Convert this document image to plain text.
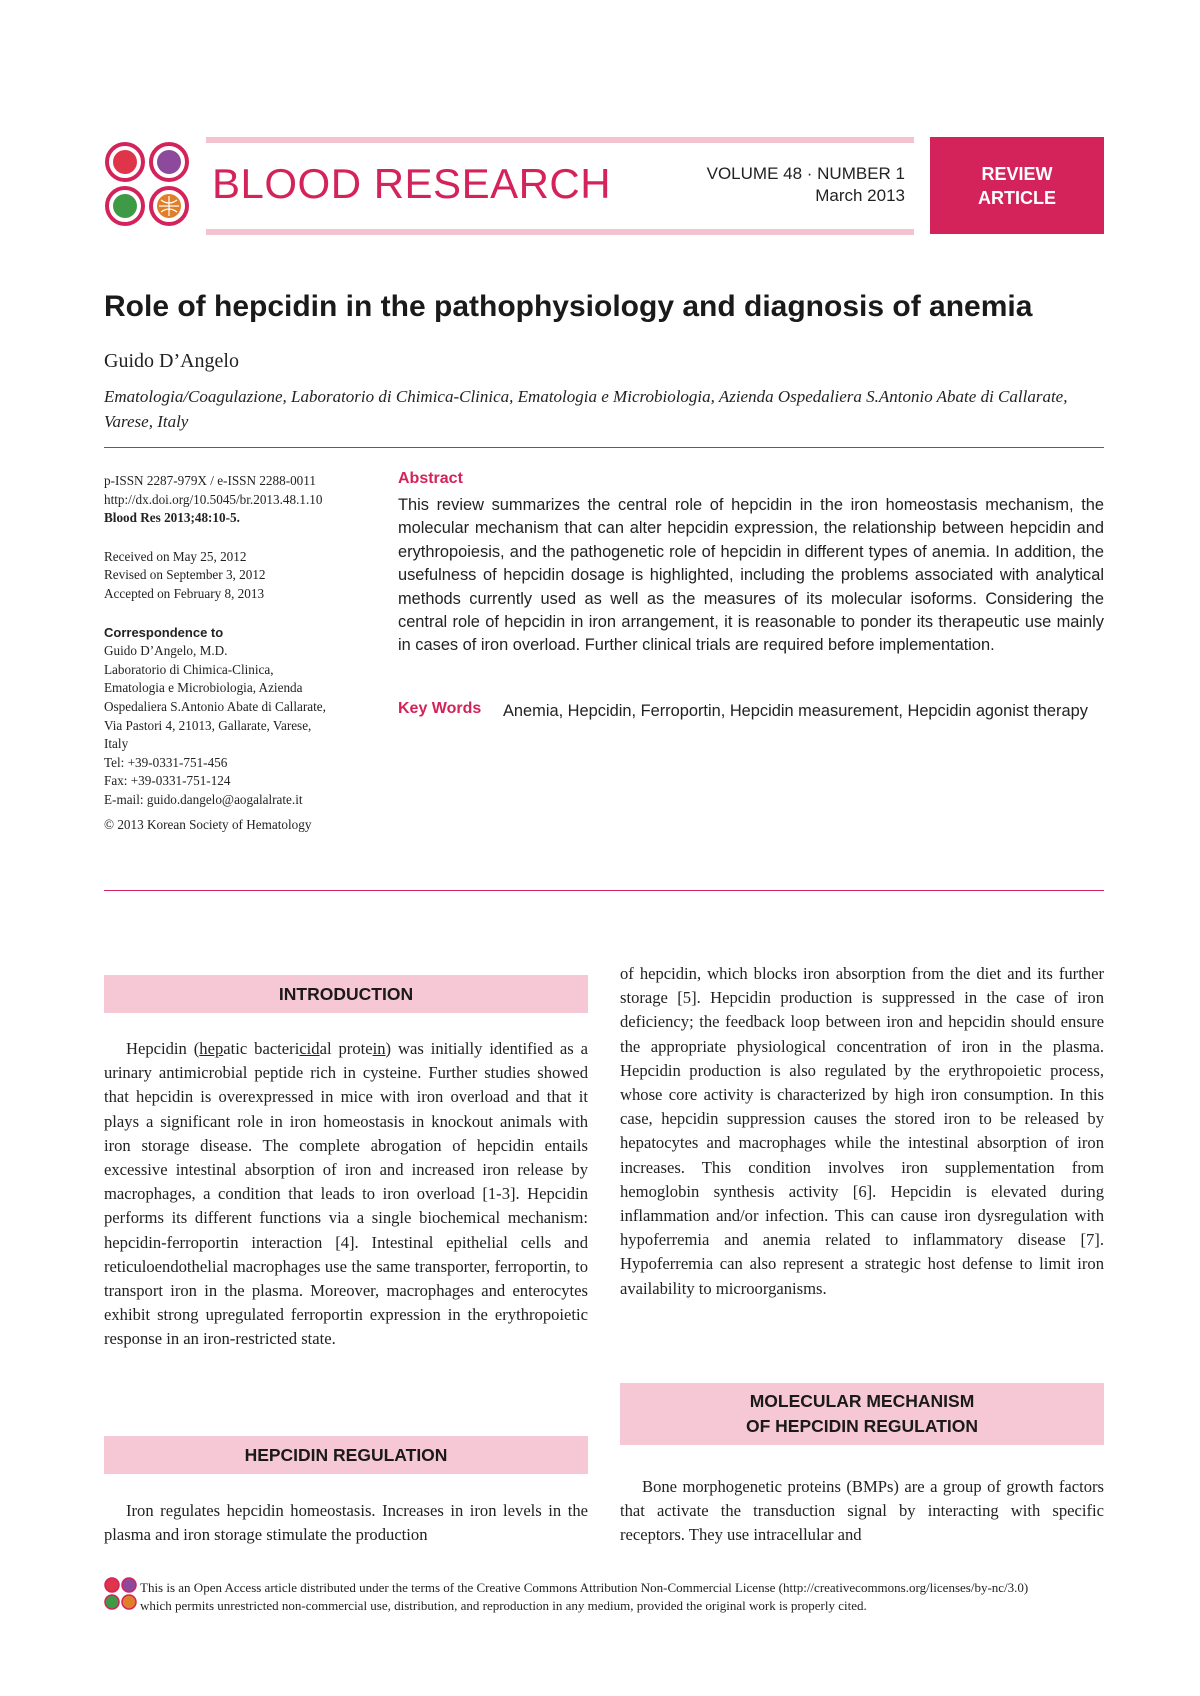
BLOOD RESEARCH	VOLUME 48 · NUMBER 1
March 2013
REVIEW
ARTICLE
Role of hepcidin in the pathophysiology and diagnosis of anemia
Guido D’Angelo
Ematologia/Coagulazione, Laboratorio di Chimica-Clinica, Ematologia e Microbiologia, Azienda Ospedaliera S.Antonio Abate di Callarate, Varese, Italy

p-ISSN 2287-979X / e-ISSN 2288-0011

http://dx.doi.org/10.5045/br.2013.48.1.10

Blood Res 2013;48:10-5.

Received on May 25, 2012

Revised on September 3, 2012

Accepted on February 8, 2013

Correspondence to

Guido D’Angelo, M.D.

Laboratorio di Chimica-Clinica,

Ematologia e Microbiologia, Azienda

Ospedaliera S.Antonio Abate di Callarate,

Via Pastori 4, 21013, Gallarate, Varese,

Italy

Tel: +39-0331-751-456

Fax: +39-0331-751-124

E-mail: guido.dangelo@aogalalrate.it

© 2013 Korean Society of Hematology

Abstract
This review summarizes the central role of hepcidin in the iron homeostasis mechanism, the molecular mechanism that can alter hepcidin expression, the relationship between hepcidin and erythropoiesis, and the pathogenetic role of hepcidin in different types of anemia. In addition, the usefulness of hepcidin dosage is highlighted, including the problems associated with analytical methods currently used as well as the measures of its molecular isoforms. Considering the central role of hepcidin in iron arrangement, it is reasonable to ponder its therapeutic use mainly in cases of iron overload. Further clinical trials are required before implementation.
Key Words Anemia, Hepcidin, Ferroportin, Hepcidin measurement, Hepcidin agonist therapy
INTRODUCTION

Hepcidin (hepatic bactericidal protein) was initially identified as a urinary antimicrobial peptide rich in cysteine. Further studies showed that hepcidin is overexpressed in mice with iron overload and that it plays a significant role in iron homeostasis in knockout animals with iron storage disease. The complete abrogation of hepcidin entails excessive intestinal absorption of iron and increased iron release by macrophages, a condition that leads to iron overload [1-3]. Hepcidin performs its different functions via a single biochemical mechanism: hepcidin-ferroportin interaction [4]. Intestinal epithelial cells and reticuloendothelial macrophages use the same transporter, ferroportin, to transport iron in the plasma. Moreover, macrophages and enterocytes exhibit strong upregulated ferroportin expression in the erythropoietic response in an iron-restricted state.

HEPCIDIN REGULATION

Iron regulates hepcidin homeostasis. Increases in iron levels in the plasma and iron storage stimulate the production

of hepcidin, which blocks iron absorption from the diet and its further storage [5]. Hepcidin production is suppressed in the case of iron deficiency; the feedback loop between iron and hepcidin should ensure the appropriate physiological concentration of iron in the plasma. Hepcidin production is also regulated by the erythropoietic process, whose core activity is characterized by high iron consumption. In this case, hepcidin suppression causes the stored iron to be released by hepatocytes and macrophages while the intestinal absorption of iron increases. This condition involves iron supplementation from hemoglobin synthesis activity [6]. Hepcidin is elevated during inflammation and/or infection. This can cause iron dysregulation with hypoferremia and anemia related to inflammatory disease [7]. Hypoferremia can also represent a strategic host defense to limit iron availability to microorganisms.

MOLECULAR MECHANISM
OF HEPCIDIN REGULATION

Bone morphogenetic proteins (BMPs) are a group of growth factors that activate the transduction signal by interacting with specific receptors. They use intracellular and

This is an Open Access article distributed under the terms of the Creative Commons Attribution Non-Commercial License (http://creativecommons.org/licenses/by-nc/3.0)
which permits unrestricted non-commercial use, distribution, and reproduction in any medium, provided the original work is properly cited.
